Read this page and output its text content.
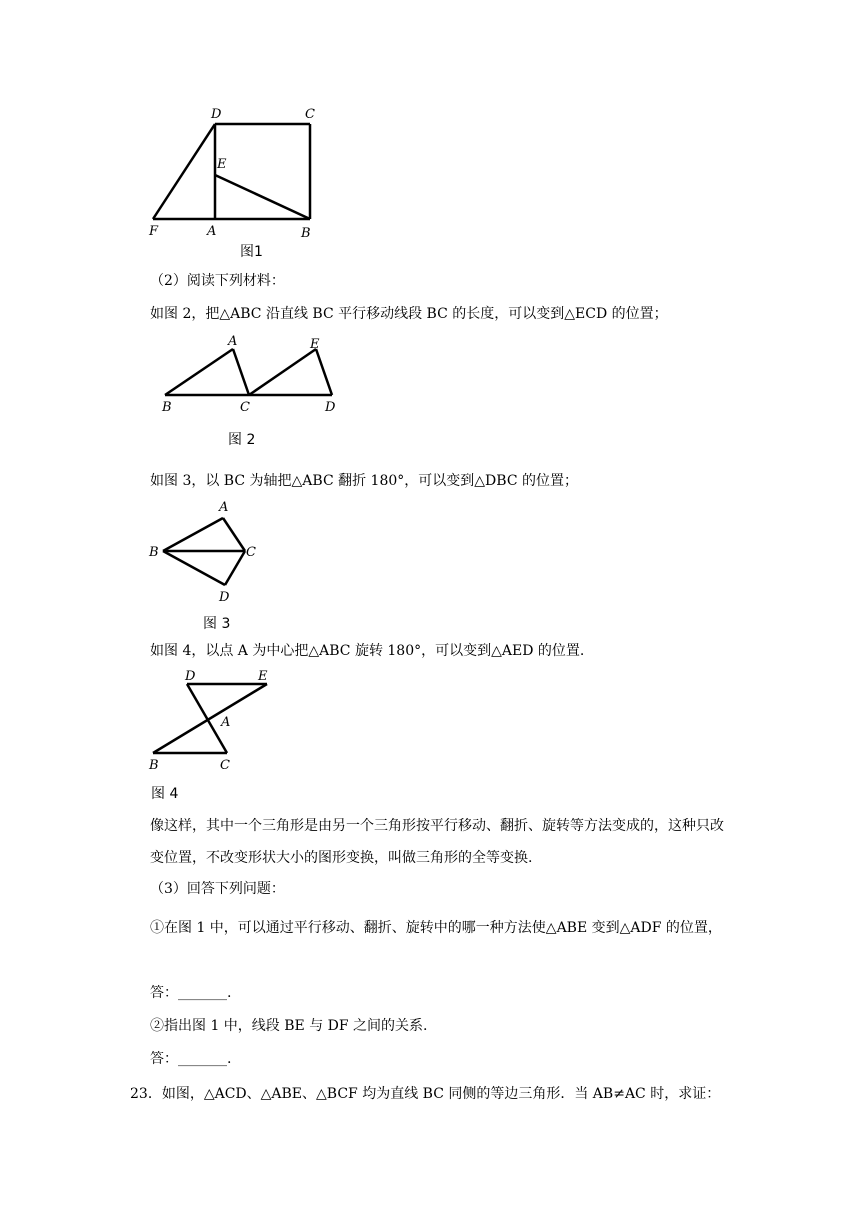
D	C
E
F	A	B
图1
（2）阅读下列材料：
如图 2，把△ABC 沿直线 BC 平行移动线段 BC 的长度，可以变到△ECD 的位置；
A	E
B	C	D
图 2
如图 3，以 BC 为轴把△ABC 翻折 180°，可以变到△DBC 的位置；
A
B	C
D
图 3
如图 4，以点 A 为中心把△ABC 旋转 180°，可以变到△AED 的位置.
D	E
A
B	C
图 4
像这样，其中一个三角形是由另一个三角形按平行移动、翻折、旋转等方法变成的，这种只改变位置，不改变形状大小的图形变换，叫做三角形的全等变换.
（3）回答下列问题：
①在图 1 中，可以通过平行移动、翻折、旋转中的哪一种方法使△ABE 变到△ADF 的位置，
答：_______.
②指出图 1 中，线段 BE 与 DF 之间的关系.
答：_______.
23．如图，△ACD、△ABE、△BCF 均为直线 BC 同侧的等边三角形．当 AB≠AC 时，求证：
